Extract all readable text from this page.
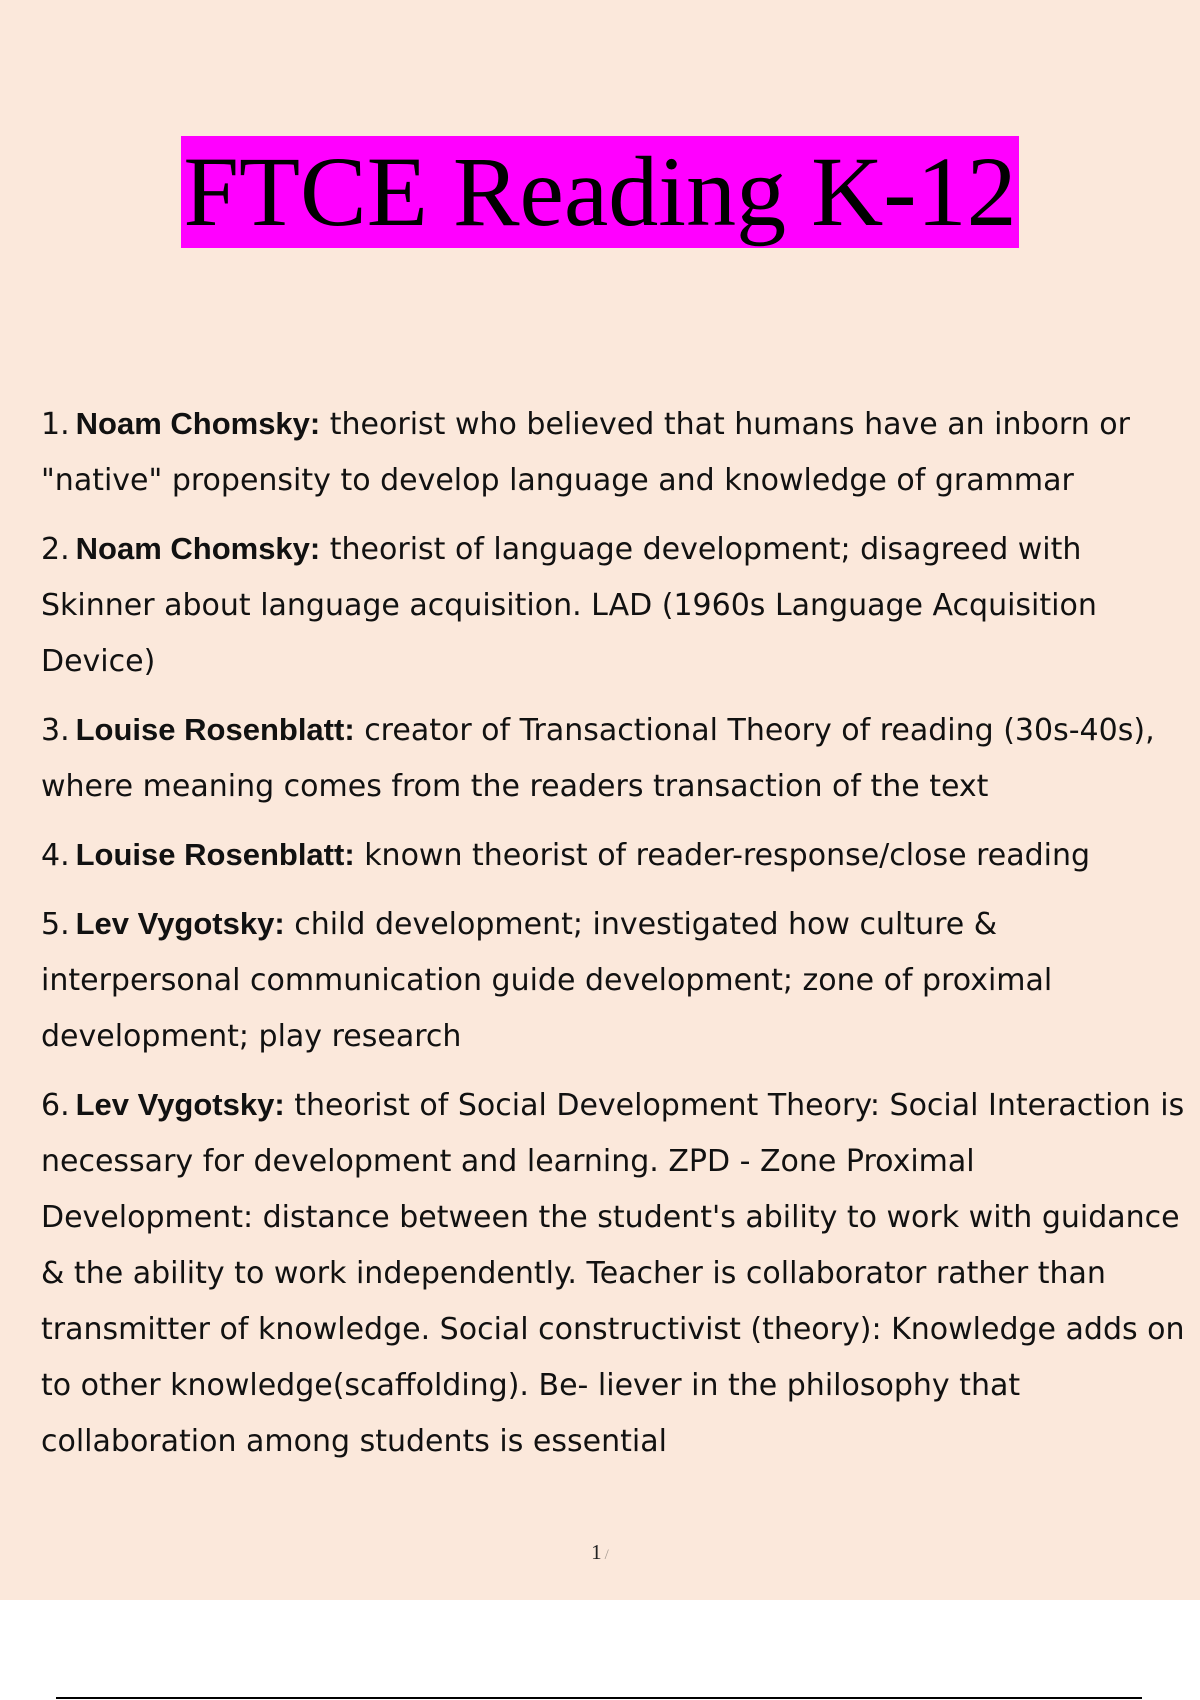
FTCE Reading K-12
1. Noam Chomsky: theorist who believed that humans have an inborn or "native" propensity to develop language and knowledge of grammar
2. Noam Chomsky: theorist of language development; disagreed with Skinner about language acquisition. LAD (1960s Language Acquisition Device)
3. Louise Rosenblatt: creator of Transactional Theory of reading (30s-40s), where meaning comes from the readers transaction of the text
4. Louise Rosenblatt: known theorist of reader-response/close reading
5. Lev Vygotsky: child development; investigated how culture & interpersonal communication guide development; zone of proximal development; play research
6. Lev Vygotsky: theorist of Social Development Theory: Social Interaction is necessary for development and learning. ZPD - Zone Proximal Development: distance between the student's ability to work with guidance & the ability to work independently. Teacher is collaborator rather than transmitter of knowledge. Social constructivist (theory): Knowledge adds on to other knowledge(scaffolding). Be- liever in the philosophy that collaboration among students is essential
1 /
